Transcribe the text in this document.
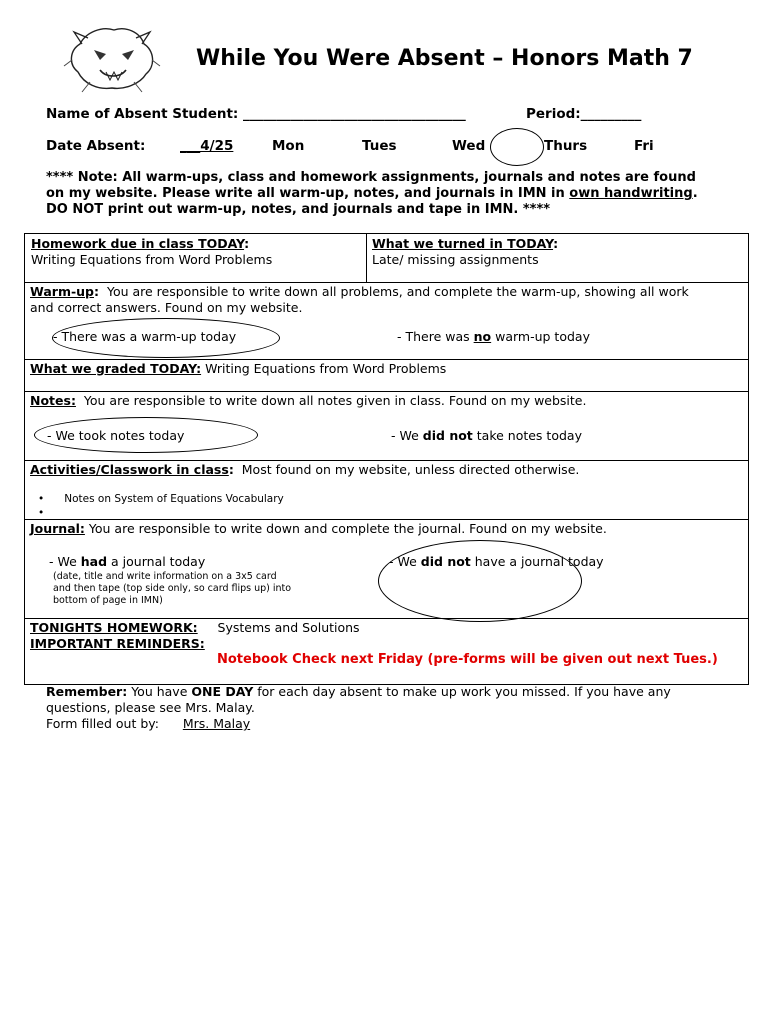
While You Were Absent – Honors Math 7
Name of Absent Student: _________________________________	Period:_________
Date Absent:	___4/25	Mon	Tues	Wed	Thurs	Fri
**** Note: All warm-ups, class and homework assignments, journals and notes are found
on my website. Please write all warm-up, notes, and journals in IMN in own handwriting.
DO NOT print out warm-up, notes, and journals and tape in IMN. ****
Homework due in class TODAY:
Writing Equations from Word Problems
What we turned in TODAY:
Late/ missing assignments
Warm-up: You are responsible to write down all problems, and complete the warm-up, showing all work
and correct answers. Found on my website.
- There was a warm-up today	- There was no warm-up today
What we graded TODAY: Writing Equations from Word Problems
Notes: You are responsible to write down all notes given in class. Found on my website.
- We took notes today	- We did not take notes today
Activities/Classwork in class: Most found on my website, unless directed otherwise.
•      Notes on System of Equations Vocabulary
•
Journal: You are responsible to write down and complete the journal. Found on my website.
- We had a journal today
(date, title and write information on a 3x5 card
and then tape (top side only, so card flips up) into
bottom of page in IMN)
- We did not have a journal today
TONIGHTS HOMEWORK: Systems and Solutions
IMPORTANT REMINDERS:
Notebook Check next Friday (pre-forms will be given out next Tues.)
Remember: You have ONE DAY for each day absent to make up work you missed. If you have any
questions, please see Mrs. Malay.
Form filled out by: Mrs. Malay
